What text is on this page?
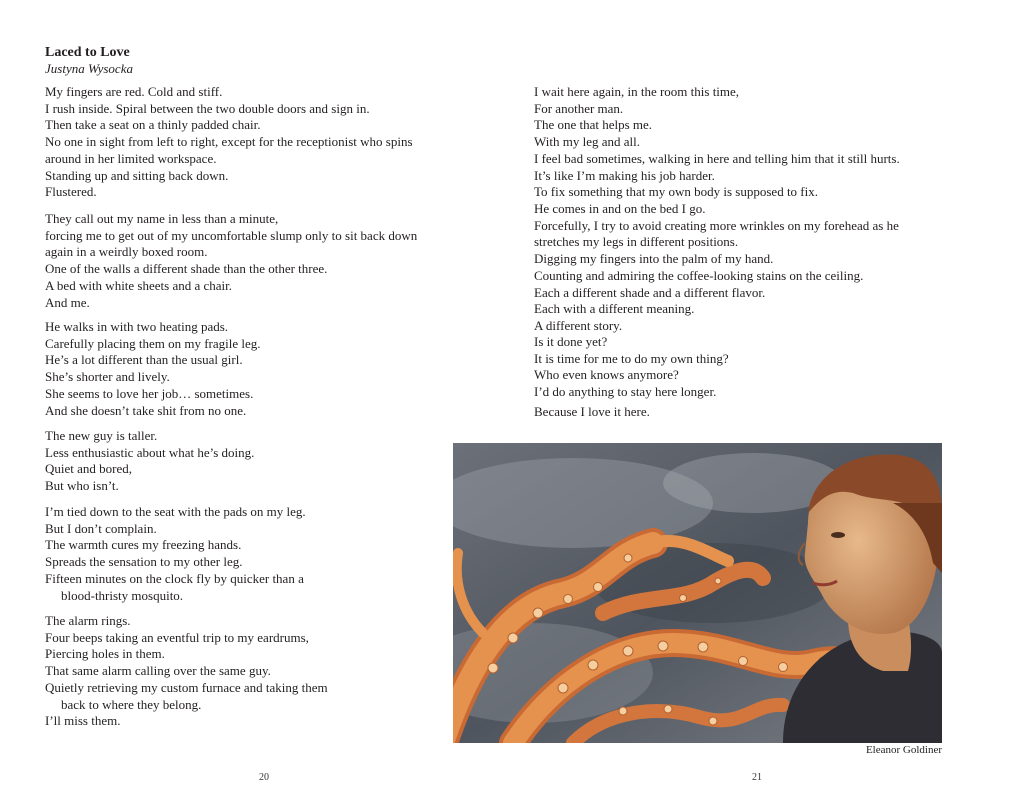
Laced to Love
Justyna Wysocka
My fingers are red. Cold and stiff.
I rush inside. Spiral between the two double doors and sign in.
Then take a seat on a thinly padded chair.
No one in sight from left to right, except for the receptionist who spins
around in her limited workspace.
Standing up and sitting back down.
Flustered.
They call out my name in less than a minute,
forcing me to get out of my uncomfortable slump only to sit back down
again in a weirdly boxed room.
One of the walls a different shade than the other three.
A bed with white sheets and a chair.
And me.
He walks in with two heating pads.
Carefully placing them on my fragile leg.
He’s a lot different than the usual girl.
She’s shorter and lively.
She seems to love her job… sometimes.
And she doesn’t take shit from no one.
The new guy is taller.
Less enthusiastic about what he’s doing.
Quiet and bored,
But who isn’t.
I’m tied down to the seat with the pads on my leg.
But I don’t complain.
The warmth cures my freezing hands.
Spreads the sensation to my other leg.
Fifteen minutes on the clock fly by quicker than a
blood-thristy mosquito.
The alarm rings.
Four beeps taking an eventful trip to my eardrums,
Piercing holes in them.
That same alarm calling over the same guy.
Quietly retrieving my custom furnace and taking them
back to where they belong.
I’ll miss them.
20
I wait here again, in the room this time,
For another man.
The one that helps me.
With my leg and all.
I feel bad sometimes, walking in here and telling him that it still hurts.
It’s like I’m making his job harder.
To fix something that my own body is supposed to fix.
He comes in and on the bed I go.
Forcefully, I try to avoid creating more wrinkles on my forehead as he
stretches my legs in different positions.
Digging my fingers into the palm of my hand.
Counting and admiring the coffee-looking stains on the ceiling.
Each a different shade and a different flavor.
Each with a different meaning.
A different story.
Is it done yet?
It is time for me to do my own thing?
Who even knows anymore?
I’d do anything to stay here longer.
Because I love it here.
21
Eleanor Goldiner
